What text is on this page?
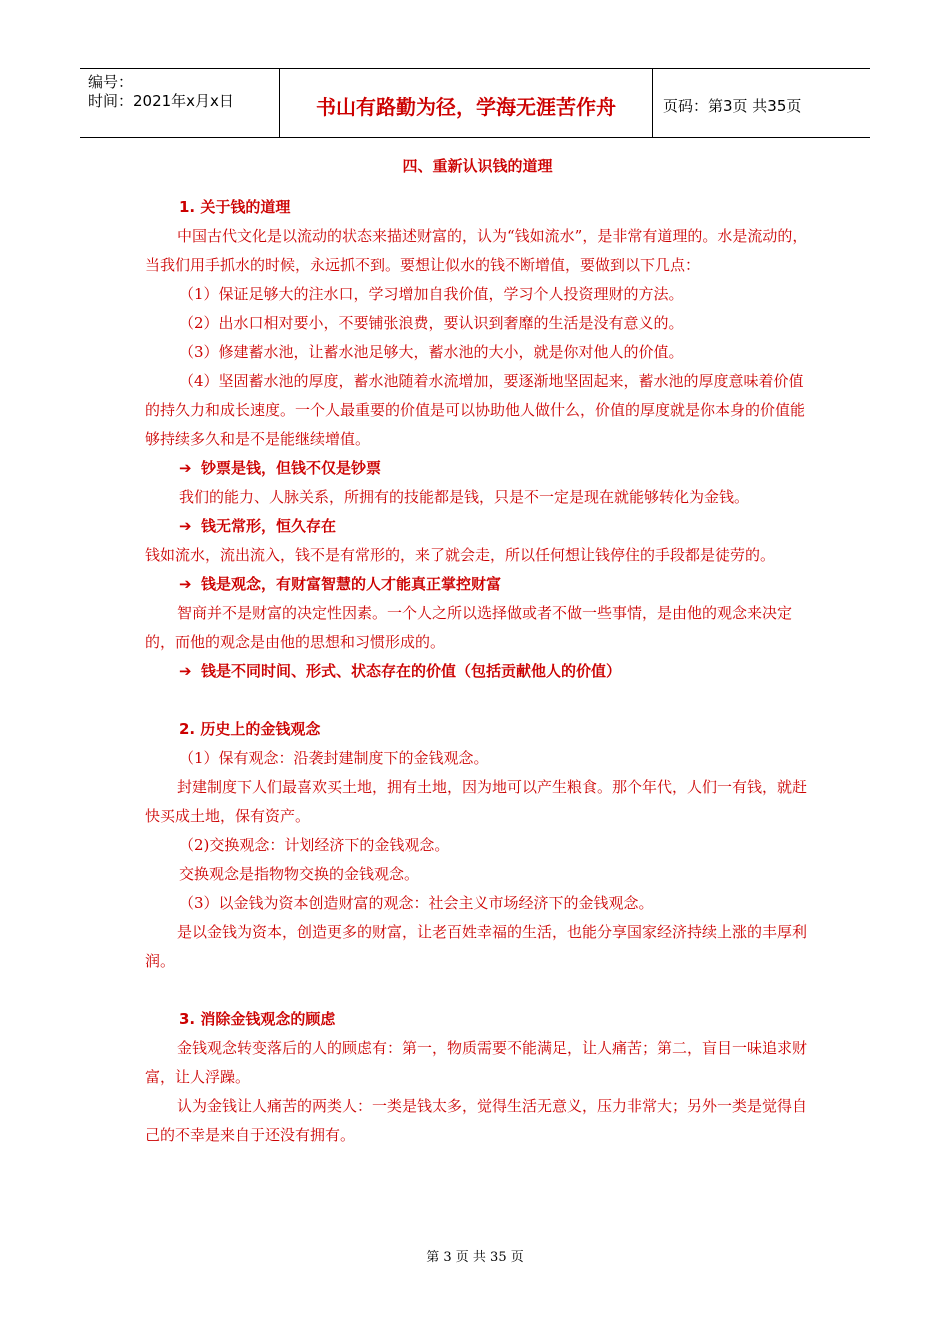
编号：
时间：2021年x月x日	书山有路勤为径，学海无涯苦作舟	页码：第3页 共35页

四、重新认识钱的道理

1. 关于钱的道理

中国古代文化是以流动的状态来描述财富的，认为“钱如流水”，是非常有道理的。水是流动的，当我们用手抓水的时候，永远抓不到。要想让似水的钱不断增值，要做到以下几点：

（1）保证足够大的注水口，学习增加自我价值，学习个人投资理财的方法。

（2）出水口相对要小，不要铺张浪费，要认识到奢靡的生活是没有意义的。

（3）修建蓄水池，让蓄水池足够大，蓄水池的大小，就是你对他人的价值。

（4）坚固蓄水池的厚度，蓄水池随着水流增加，要逐渐地坚固起来，蓄水池的厚度意味着价值的持久力和成长速度。一个人最重要的价值是可以协助他人做什么，价值的厚度就是你本身的价值能够持续多久和是不是能继续增值。

➔ 钞票是钱，但钱不仅是钞票

我们的能力、人脉关系，所拥有的技能都是钱，只是不一定是现在就能够转化为金钱。

➔ 钱无常形，恒久存在

钱如流水，流出流入，钱不是有常形的，来了就会走，所以任何想让钱停住的手段都是徒劳的。

➔ 钱是观念，有财富智慧的人才能真正掌控财富

智商并不是财富的决定性因素。一个人之所以选择做或者不做一些事情，是由他的观念来决定的，而他的观念是由他的思想和习惯形成的。

➔ 钱是不同时间、形式、状态存在的价值（包括贡献他人的价值）

2. 历史上的金钱观念

（1）保有观念：沿袭封建制度下的金钱观念。

封建制度下人们最喜欢买土地，拥有土地，因为地可以产生粮食。那个年代，人们一有钱，就赶快买成土地，保有资产。

（2)交换观念：计划经济下的金钱观念。

交换观念是指物物交换的金钱观念。

（3）以金钱为资本创造财富的观念：社会主义市场经济下的金钱观念。

是以金钱为资本，创造更多的财富，让老百姓幸福的生活，也能分享国家经济持续上涨的丰厚利润。

3. 消除金钱观念的顾虑

金钱观念转变落后的人的顾虑有：第一，物质需要不能满足，让人痛苦；第二，盲目一味追求财富，让人浮躁。

认为金钱让人痛苦的两类人：一类是钱太多，觉得生活无意义，压力非常大；另外一类是觉得自己的不幸是来自于还没有拥有。

第 3 页 共 35 页
